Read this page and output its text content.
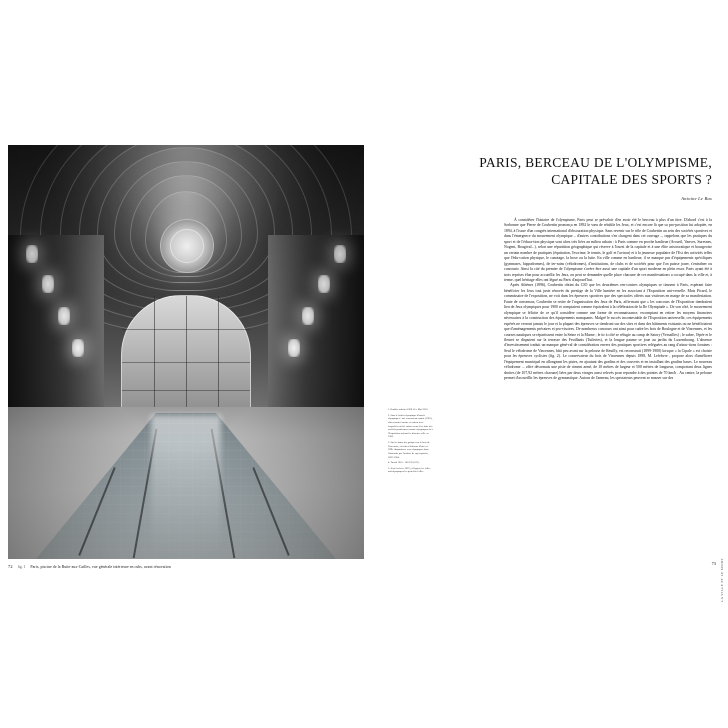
72 fig. 1 Paris, piscine de la Butte-aux-Cailles, vue générale intérieure en cubs, avant rénovation
PARIS, BERCEAU DE L'OLYMPISME,
CAPITALE DES SPORTS ?
Antoine Le Bas

À considérer l'histoire de l'olympisme, Paris peut se prévaloir d'en avoir été le berceau à plus d'un titre. D'abord c'est à la Sorbonne que Pierre de Coubertin prononça en 1892 le vœu de rétablir les Jeux, et c'est encore là que sa pro-position fut adoptée, en 1894, à l'issue d'un congrès international d'obscuration physique. Sans revenir sur le rôle de Coubertin au sein des sociétés sportives et dans l'émergence du mouvement olympique – d'autres contributions s'en chargent dans cet ouvrage –, rappelons que les pratiques du sport et de l'éduca-tion physique sont alors très liées au milieu urbain : à Paris comme en proche banlieue (Arcueil, Vanves, Suresnes, Nogent, Bougival...), selon une répartition géographique qui réserve à l'ouest de la capitale et à une élite aristocratique et bourgeoise un certain nombre de pratiques (équitation, l'escrime, le tennis, le golf et l'aviron) et à la jeunesse populaire de l'Est des activités telles que l'édu-cation physique, le canotage, la boxe ou la lutte. En ville comme en banlieue, il se manque pas d'équipements spécifiques (gymnases, hippodromes), de ter-rains (vélodromes), d'institutions, de clubs et de sociétés pour que l'on puisse jouer, s'entraîner ou concourir. Ainsi la cité du premier de l'olympisme s'avère être aussi une capitale d'un sport moderne en plein essor. Paris ayant été à trois reprises élue pour accueillir les Jeux, on peut se demander quelle place chacune de ces manifestations a occupé dans la ville et, à terme, quel héritage elles ont légué au Paris d'aujourd'hui.

Après Athènes (1896), Coubertin obtint du CIO que les deuxièmes ren-contres olympiques se tinssent à Paris, espérant faire bénéficier les Jeux tout juste rénovés du prestige de la Ville lumière en les associant à l'Exposition uni-verselle. Mais Picard, le commissaire de l'exposition, ne voit dans les épreuves sportives que des spectacles offerts aux visiteurs en marge de sa manifestation. Faute de consensus, Coubertin se retire de l'organisation des Jeux de Paris, affir-mant que « les concours de l'Exposition tiendraient lieu de Jeux olympiques pour 1900 et comptaient comme équivalent à la célébration de la IIe Olympiade ». De son côté, le mouvement olympique se félicite de ce qu'il considère comme une forme de reconnaissance, escomptant en retirer les moyens financiers nécessaires à la construction des équipements manquants. Malgré le succès incontestable de l'Exposition universelle, ces équipements espérés ne verront jamais le jour et la plupart des épreuves se tiendront sur des sites et dans des bâtiments existants ou ne bénéficiaient que d'aménagements précaires et pro-visoires. De nombreux concours ont ainsi pour cadre les bois de Boulogne et de Vincennes, et les courses nautiques se répartissent entre la Seine et la Marne ; le tir à côté se réfugie au camp de Satory (Versailles) ; le sabre, l'épée et le fleuret se disputent sur la terrasse des Feuillants (Tuileries), et la longue paume se joue au jardin du Luxembourg. L'absence d'investissement traduit un manque géné-ral de considération envers des pratiques sportives reléguées au rang d'attrac-tions foraines : Seul le vélodrome de Vincennes, bâti peu avant sur la pelouse de Reuilly, est reconstruit (1899-1900) lorsque « la Cipale » est choisie pour les épreuves cyclistes (fig. 2). Le conservateur du bois de Vincennes depuis 1898, M. Lefebvre , propose alors d'améliorer l'équipement municipal en allongeant les pistes, en ajoutant des gradins et des couverts et en installant des gradins bases. Le nouveau vélodrome ... offre désormais une piste de ciment armé, de 10 mètres de largeur et 500 mètres de longueur, comportant deux lignes droites (de 107,92 mètres chacune) liées par deux virages aussi relevés pour repondre à des pointes de 70 km/h . Au centre, la pelouse permet d'accueillir les épreuves de gymnastique. Autour de l'anneau, les spectateurs peuvent se masser sur des

1. Rushler arbeiter 1909 à Le Mai 1910.
2. Sans le fichier olympique d'inscrit olympiquez : une concurrente maine (1901), olim terrain à mettre en valeur avec lesquelles ont été saisiez-vous à les faire des sociétés parisiennes comme olympiques de à l'Exposition suivant les histoires ville en 1900.
3. Sur les dates des groupes sur le bois de Vincennes, voir du vélodrome d'hiver et XIXe disparaissez vers olympiques dans l'obscurite par l'archive de sujet sportive, 1897-1904.
4. Turcid 1910 : 162/176 (187).
5. Jean Leclerc (1907), à l'ignore les villes and olympiques les peut-être l'allée.
LA VILLE ET LE SPORT
73
